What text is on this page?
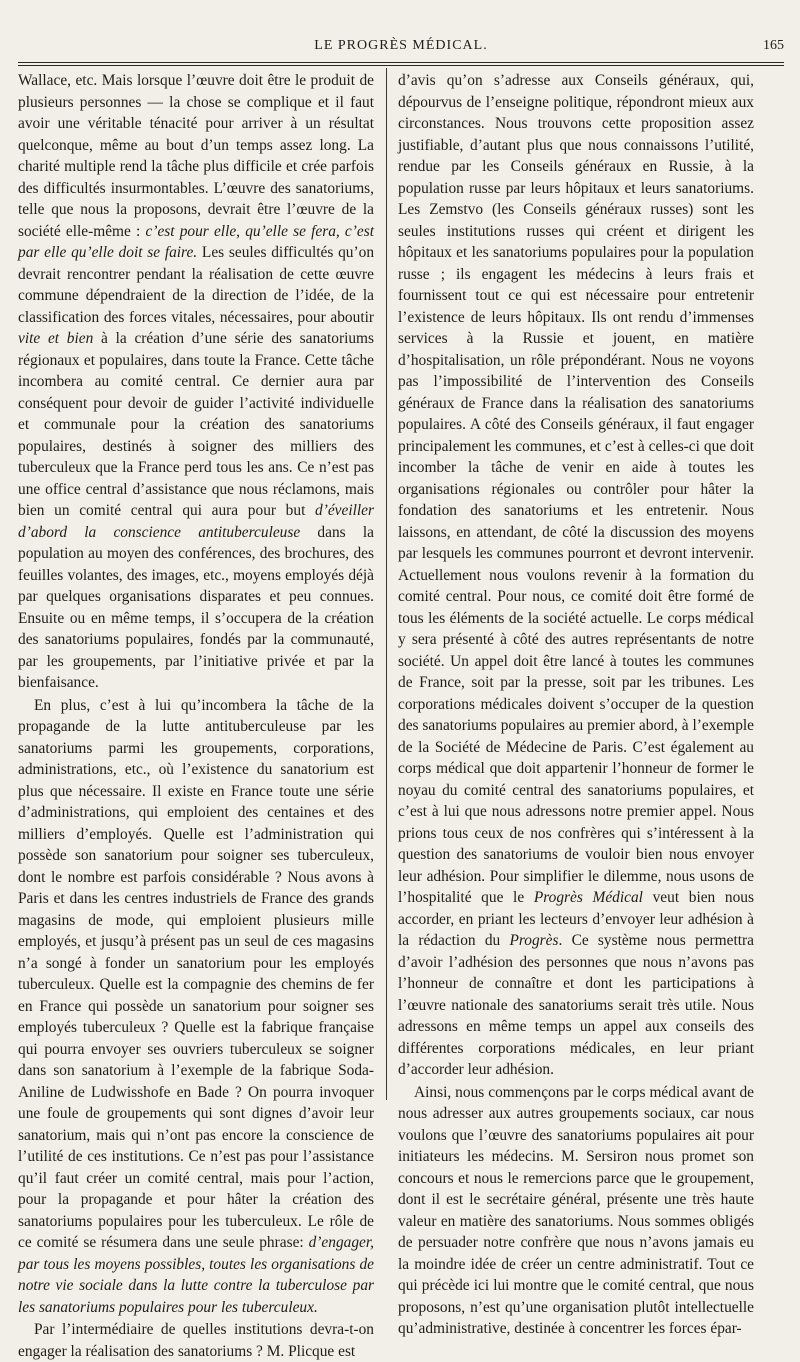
LE PROGRÈS MÉDICAL.	165

Wallace, etc. Mais lorsque l’œuvre doit être le produit de plusieurs personnes — la chose se complique et il faut avoir une véritable ténacité pour arriver à un résultat quelconque, même au bout d’un temps assez long. La charité multiple rend la tâche plus difficile et crée parfois des difficultés insurmontables. L’œuvre des sanatoriums, telle que nous la proposons, devrait être l’œuvre de la société elle-même : c’est pour elle, qu’elle se fera, c’est par elle qu’elle doit se faire. Les seules difficultés qu’on devrait rencontrer pendant la réalisation de cette œuvre commune dépendraient de la direction de l’idée, de la classification des forces vitales, nécessaires, pour aboutir vite et bien à la création d’une série des sanatoriums régionaux et populaires, dans toute la France. Cette tâche incombera au comité central. Ce dernier aura par conséquent pour devoir de guider l’activité individuelle et communale pour la création des sanatoriums populaires, destinés à soigner des milliers des tuberculeux que la France perd tous les ans. Ce n’est pas une office central d’assistance que nous réclamons, mais bien un comité central qui aura pour but d’éveiller d’abord la conscience antituberculeuse dans la population au moyen des conférences, des brochures, des feuilles volantes, des images, etc., moyens employés déjà par quelques organisations disparates et peu connues. Ensuite ou en même temps, il s’occupera de la création des sanatoriums populaires, fondés par la communauté, par les groupements, par l’initiative privée et par la bienfaisance.

En plus, c’est à lui qu’incombera la tâche de la propagande de la lutte antituberculeuse par les sanatoriums parmi les groupements, corporations, administrations, etc., où l’existence du sanatorium est plus que nécessaire. Il existe en France toute une série d’administrations, qui emploient des centaines et des milliers d’employés. Quelle est l’administration qui possède son sanatorium pour soigner ses tuberculeux, dont le nombre est parfois considérable ? Nous avons à Paris et dans les centres industriels de France des grands magasins de mode, qui emploient plusieurs mille employés, et jusqu’à présent pas un seul de ces magasins n’a songé à fonder un sanatorium pour les employés tuberculeux. Quelle est la compagnie des chemins de fer en France qui possède un sanatorium pour soigner ses employés tuberculeux ? Quelle est la fabrique française qui pourra envoyer ses ouvriers tuberculeux se soigner dans son sanatorium à l’exemple de la fabrique Soda-Aniline de Ludwisshofe en Bade ? On pourra invoquer une foule de groupements qui sont dignes d’avoir leur sanatorium, mais qui n’ont pas encore la conscience de l’utilité de ces institutions. Ce n’est pas pour l’assistance qu’il faut créer un comité central, mais pour l’action, pour la propagande et pour hâter la création des sanatoriums populaires pour les tuberculeux. Le rôle de ce comité se résumera dans une seule phrase: d’engager, par tous les moyens possibles, toutes les organisations de notre vie sociale dans la lutte contre la tuberculose par les sanatoriums populaires pour les tuberculeux.

Par l’intermédiaire de quelles institutions devra-t-on engager la réalisation des sanatoriums ? M. Plicque est

d’avis qu’on s’adresse aux Conseils généraux, qui, dépourvus de l’enseigne politique, répondront mieux aux circonstances. Nous trouvons cette proposition assez justifiable, d’autant plus que nous connaissons l’utilité, rendue par les Conseils généraux en Russie, à la population russe par leurs hôpitaux et leurs sanatoriums. Les Zemstvo (les Conseils généraux russes) sont les seules institutions russes qui créent et dirigent les hôpitaux et les sanatoriums populaires pour la population russe ; ils engagent les médecins à leurs frais et fournissent tout ce qui est nécessaire pour entretenir l’existence de leurs hôpitaux. Ils ont rendu d’immenses services à la Russie et jouent, en matière d’hospitalisation, un rôle prépondérant. Nous ne voyons pas l’impossibilité de l’intervention des Conseils généraux de France dans la réalisation des sanatoriums populaires. A côté des Conseils généraux, il faut engager principalement les communes, et c’est à celles-ci que doit incomber la tâche de venir en aide à toutes les organisations régionales ou contrôler pour hâter la fondation des sanatoriums et les entretenir. Nous laissons, en attendant, de côté la discussion des moyens par lesquels les communes pourront et devront intervenir. Actuellement nous voulons revenir à la formation du comité central. Pour nous, ce comité doit être formé de tous les éléments de la société actuelle. Le corps médical y sera présenté à côté des autres représentants de notre société. Un appel doit être lancé à toutes les communes de France, soit par la presse, soit par les tribunes. Les corporations médicales doivent s’occuper de la question des sanatoriums populaires au premier abord, à l’exemple de la Société de Médecine de Paris. C’est également au corps médical que doit appartenir l’honneur de former le noyau du comité central des sanatoriums populaires, et c’est à lui que nous adressons notre premier appel. Nous prions tous ceux de nos confrères qui s’intéressent à la question des sanatoriums de vouloir bien nous envoyer leur adhésion. Pour simplifier le dilemme, nous usons de l’hospitalité que le Progrès Médical veut bien nous accorder, en priant les lecteurs d’envoyer leur adhésion à la rédaction du Progrès. Ce système nous permettra d’avoir l’adhésion des personnes que nous n’avons pas l’honneur de connaître et dont les participations à l’œuvre nationale des sanatoriums serait très utile. Nous adressons en même temps un appel aux conseils des différentes corporations médicales, en leur priant d’accorder leur adhésion.

Ainsi, nous commençons par le corps médical avant de nous adresser aux autres groupements sociaux, car nous voulons que l’œuvre des sanatoriums populaires ait pour initiateurs les médecins. M. Sersiron nous promet son concours et nous le remercions parce que le groupement, dont il est le secrétaire général, présente une très haute valeur en matière des sanatoriums. Nous sommes obligés de persuader notre confrère que nous n’avons jamais eu la moindre idée de créer un centre administratif. Tout ce qui précède ici lui montre que le comité central, que nous proposons, n’est qu’une organisation plutôt intellectuelle qu’administrative, destinée à concentrer les forces épar-
